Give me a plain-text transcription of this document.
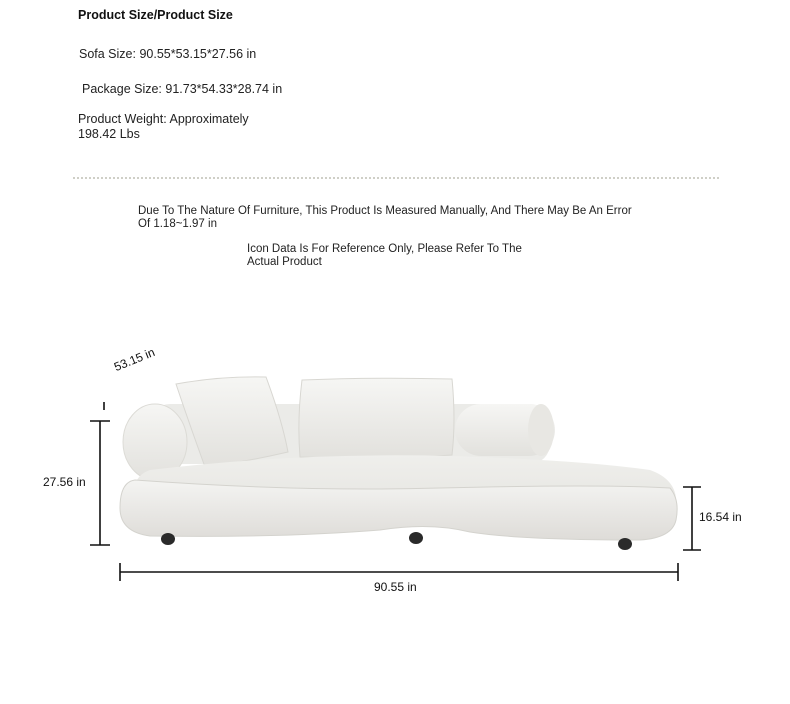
Product Size/Product Size
Sofa Size: 90.55*53.15*27.56 in
Package Size: 91.73*54.33*28.74 in
Product Weight: Approximately 198.42 Lbs
Due To The Nature Of Furniture, This Product Is Measured Manually, And There May Be An Error Of 1.18~1.97 in
Icon Data Is For Reference Only, Please Refer To The Actual Product
53.15 in
27.56 in
16.54 in
90.55 in
